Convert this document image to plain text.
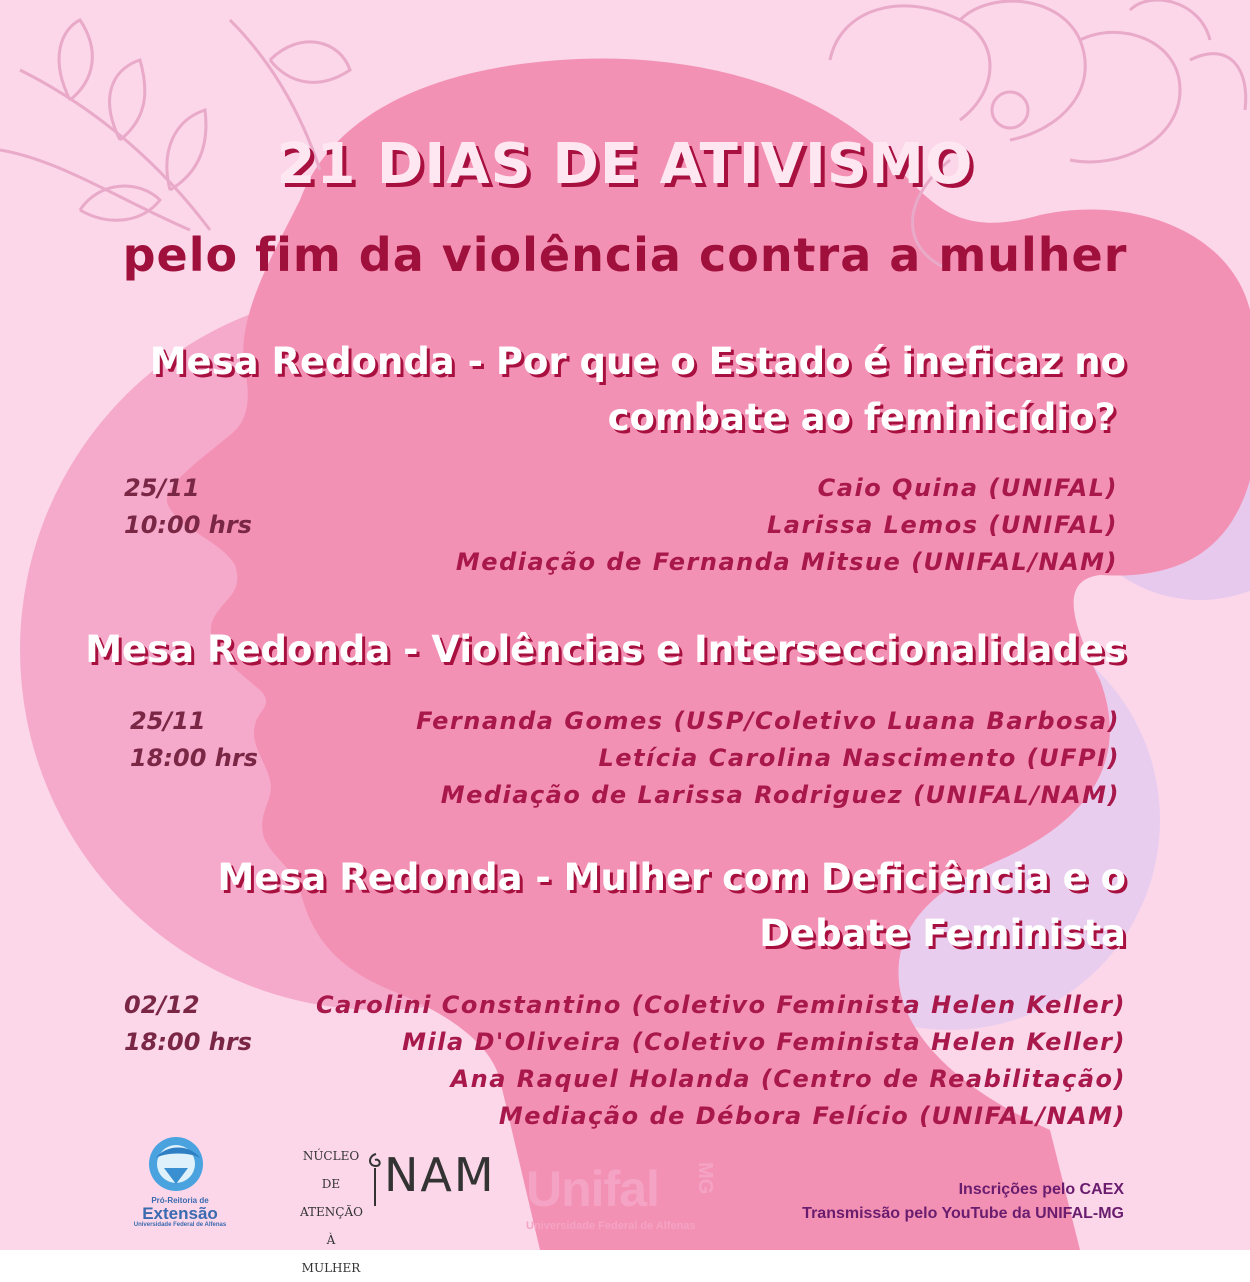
21 DIAS DE ATIVISMO
pelo fim da violência contra a mulher
Mesa Redonda - Por que o Estado é ineficaz no
combate ao feminicídio?
25/11
10:00 hrs
Caio Quina (UNIFAL)
Larissa Lemos (UNIFAL)
Mediação de Fernanda Mitsue (UNIFAL/NAM)
Mesa Redonda - Violências e Interseccionalidades
25/11
18:00 hrs
Fernanda Gomes (USP/Coletivo Luana Barbosa)
Letícia Carolina Nascimento (UFPI)
Mediação de Larissa Rodriguez (UNIFAL/NAM)
Mesa Redonda - Mulher com Deficiência e o
Debate Feminista
02/12
18:00 hrs
Carolini Constantino (Coletivo Feminista Helen Keller)
Mila D'Oliveira (Coletivo Feminista Helen Keller)
Ana Raquel Holanda (Centro de Reabilitação)
Mediação de Débora Felício (UNIFAL/NAM)
Pró-Reitoria de
Extensão
Universidade Federal de Alfenas
NÚCLEO DE
ATENÇÃO À
MULHER
NAM Unifal MG
Universidade Federal de Alfenas
Inscrições pelo CAEX
Transmissão pelo YouTube da UNIFAL-MG
